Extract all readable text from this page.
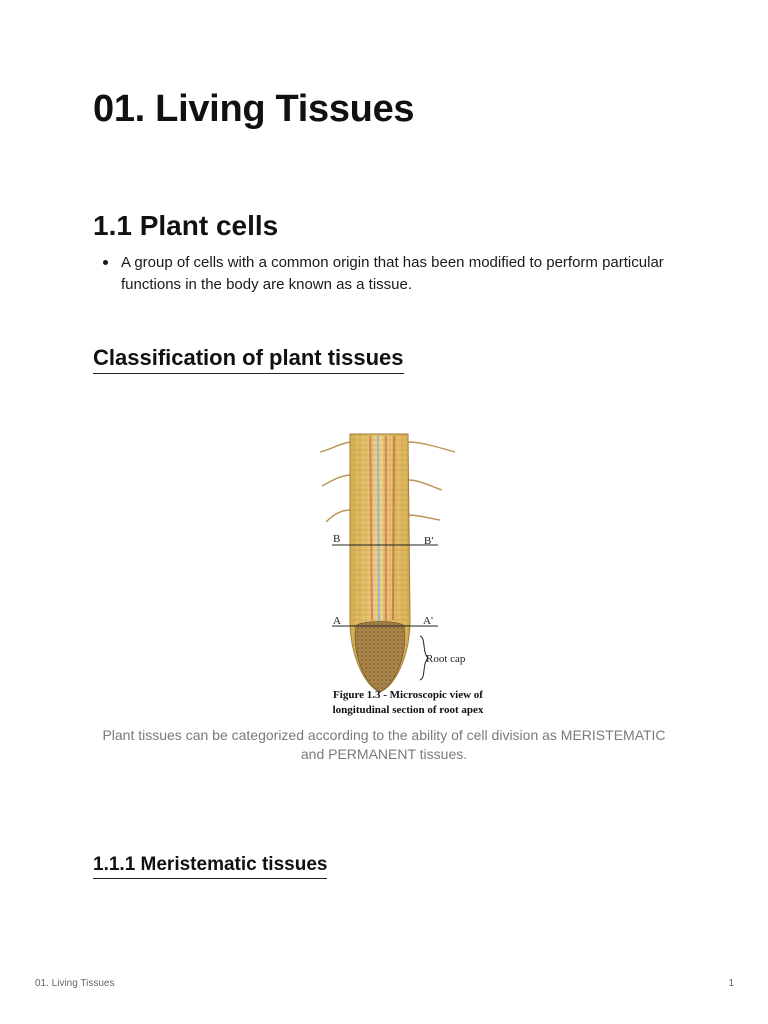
01. Living Tissues
1.1 Plant cells
A group of cells with a common origin that has been modified to perform particular functions in the body are known as a tissue.
Classification of plant tissues
B	B'
A	A'
Root cap
Figure 1.3 - Microscopic view of
longitudinal section of root apex

Plant tissues can be categorized according to the ability of cell division as MERISTEMATIC and PERMANENT tissues.

1.1.1 Meristematic tissues
01. Living Tissues	1
